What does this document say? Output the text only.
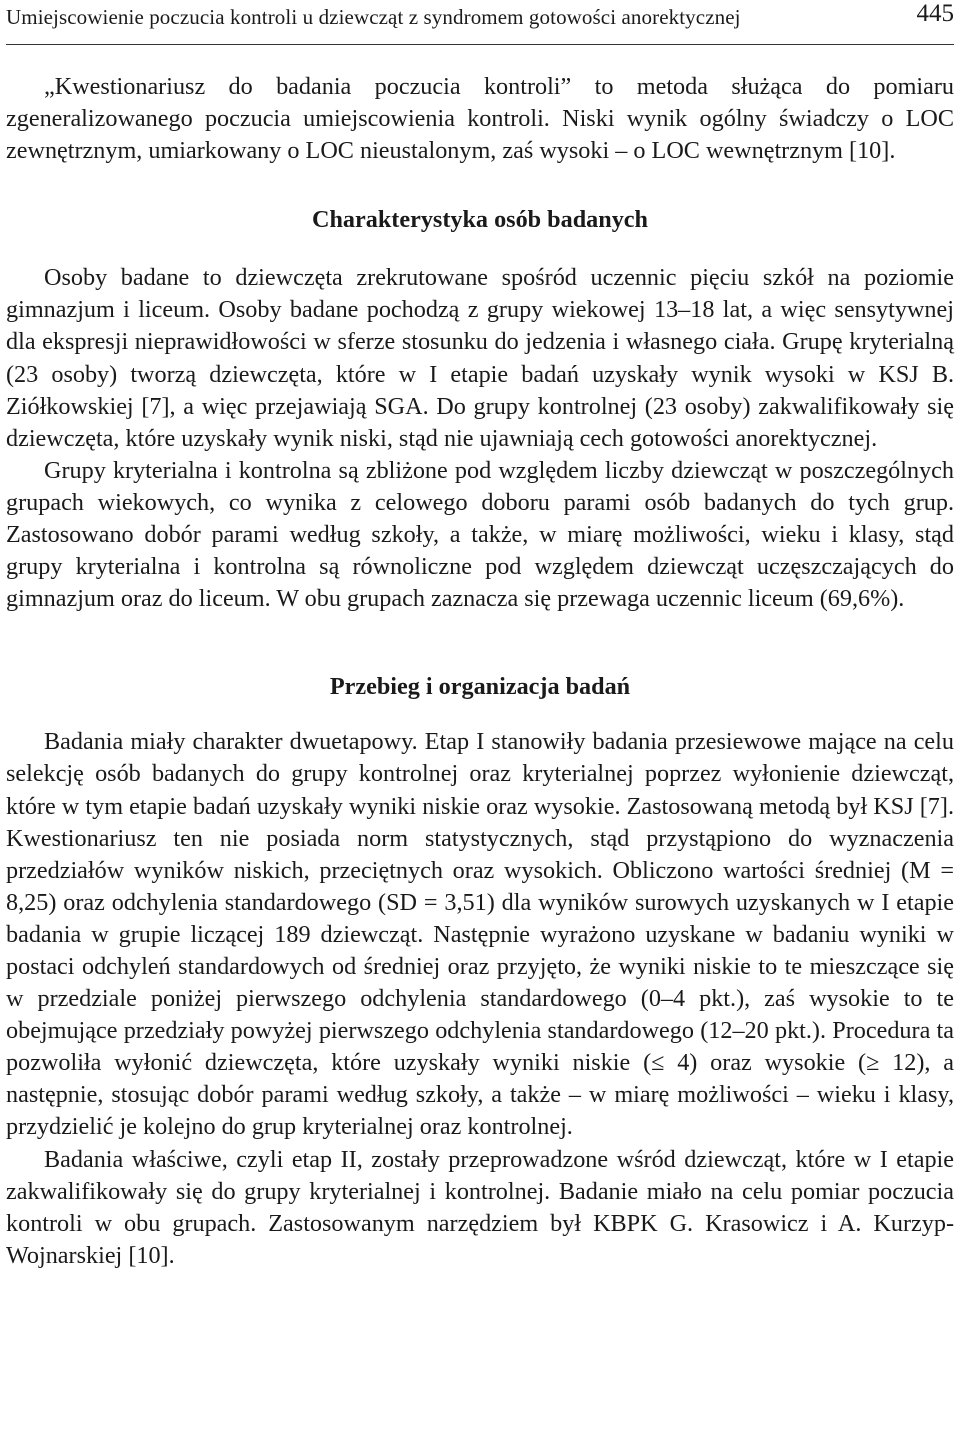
Umiejscowienie poczucia kontroli u dziewcząt z syndromem gotowości anorektycznej	445

„Kwestionariusz do badania poczucia kontroli” to metoda służąca do pomiaru zgeneralizowanego poczucia umiejscowienia kontroli. Niski wynik ogólny świadczy o LOC zewnętrznym, umiarkowany o LOC nieustalonym, zaś wysoki – o LOC wewnętrznym [10].

Charakterystyka osób badanych

Osoby badane to dziewczęta zrekrutowane spośród uczennic pięciu szkół na poziomie gimnazjum i liceum. Osoby badane pochodzą z grupy wiekowej 13–18 lat, a więc sensytywnej dla ekspresji nieprawidłowości w sferze stosunku do jedzenia i własnego ciała. Grupę kryterialną (23 osoby) tworzą dziewczęta, które w I etapie badań uzyskały wynik wysoki w KSJ B. Ziółkowskiej [7], a więc przejawiają SGA. Do grupy kontrolnej (23 osoby) zakwalifikowały się dziewczęta, które uzyskały wynik niski, stąd nie ujawniają cech gotowości anorektycznej.

Grupy kryterialna i kontrolna są zbliżone pod względem liczby dziewcząt w poszczególnych grupach wiekowych, co wynika z celowego doboru parami osób badanych do tych grup. Zastosowano dobór parami według szkoły, a także, w miarę możliwości, wieku i klasy, stąd grupy kryterialna i kontrolna są równoliczne pod względem dziewcząt uczęszczających do gimnazjum oraz do liceum. W obu grupach zaznacza się przewaga uczennic liceum (69,6%).

Przebieg i organizacja badań

Badania miały charakter dwuetapowy. Etap I stanowiły badania przesiewowe mające na celu selekcję osób badanych do grupy kontrolnej oraz kryterialnej poprzez wyłonienie dziewcząt, które w tym etapie badań uzyskały wyniki niskie oraz wysokie. Zastosowaną metodą był KSJ [7]. Kwestionariusz ten nie posiada norm statystycznych, stąd przystąpiono do wyznaczenia przedziałów wyników niskich, przeciętnych oraz wysokich. Obliczono wartości średniej (M = 8,25) oraz odchylenia standardowego (SD = 3,51) dla wyników surowych uzyskanych w I etapie badania w grupie liczącej 189 dziewcząt. Następnie wyrażono uzyskane w badaniu wyniki w postaci odchyleń standardowych od średniej oraz przyjęto, że wyniki niskie to te mieszczące się w przedziale poniżej pierwszego odchylenia standardowego (0–4 pkt.), zaś wysokie to te obejmujące przedziały powyżej pierwszego odchylenia standardowego (12–20 pkt.). Procedura ta pozwoliła wyłonić dziewczęta, które uzyskały wyniki niskie (≤ 4) oraz wysokie (≥ 12), a następnie, stosując dobór parami według szkoły, a także – w miarę możliwości – wieku i klasy, przydzielić je kolejno do grup kryterialnej oraz kontrolnej.

Badania właściwe, czyli etap II, zostały przeprowadzone wśród dziewcząt, które w I etapie zakwalifikowały się do grupy kryterialnej i kontrolnej. Badanie miało na celu pomiar poczucia kontroli w obu grupach. Zastosowanym narzędziem był KBPK G. Krasowicz i A. Kurzyp-Wojnarskiej [10].
